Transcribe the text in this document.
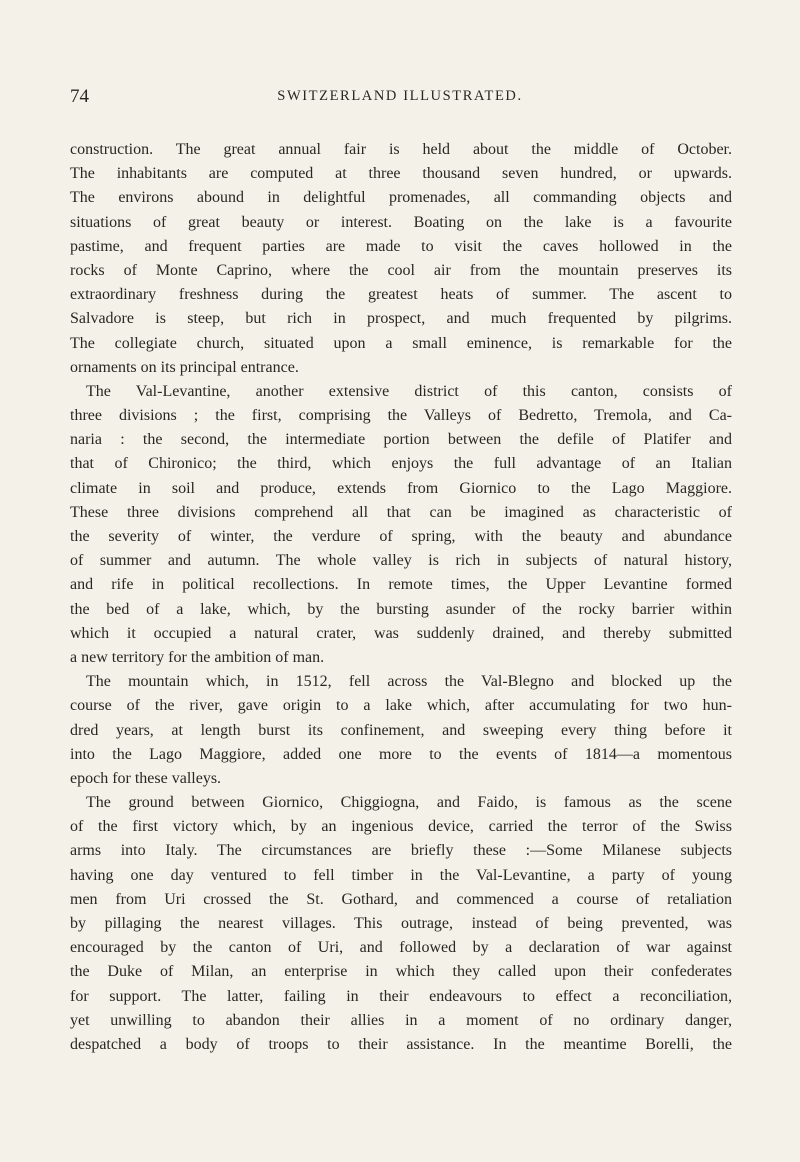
74	SWITZERLAND ILLUSTRATED.
construction. The great annual fair is held about the middle of October.
The inhabitants are computed at three thousand seven hundred, or upwards.
The environs abound in delightful promenades, all commanding objects and
situations of great beauty or interest. Boating on the lake is a favourite
pastime, and frequent parties are made to visit the caves hollowed in the
rocks of Monte Caprino, where the cool air from the mountain preserves its
extraordinary freshness during the greatest heats of summer. The ascent to
Salvadore is steep, but rich in prospect, and much frequented by pilgrims.
The collegiate church, situated upon a small eminence, is remarkable for the
ornaments on its principal entrance.
The Val-Levantine, another extensive district of this canton, consists of
three divisions ; the first, comprising the Valleys of Bedretto, Tremola, and Ca-
naria : the second, the intermediate portion between the defile of Platifer and
that of Chironico; the third, which enjoys the full advantage of an Italian
climate in soil and produce, extends from Giornico to the Lago Maggiore.
These three divisions comprehend all that can be imagined as characteristic of
the severity of winter, the verdure of spring, with the beauty and abundance
of summer and autumn. The whole valley is rich in subjects of natural history,
and rife in political recollections. In remote times, the Upper Levantine formed
the bed of a lake, which, by the bursting asunder of the rocky barrier within
which it occupied a natural crater, was suddenly drained, and thereby submitted
a new territory for the ambition of man.
The mountain which, in 1512, fell across the Val-Blegno and blocked up the
course of the river, gave origin to a lake which, after accumulating for two hun-
dred years, at length burst its confinement, and sweeping every thing before it
into the Lago Maggiore, added one more to the events of 1814—a momentous
epoch for these valleys.
The ground between Giornico, Chiggiogna, and Faido, is famous as the scene
of the first victory which, by an ingenious device, carried the terror of the Swiss
arms into Italy. The circumstances are briefly these :—Some Milanese subjects
having one day ventured to fell timber in the Val-Levantine, a party of young
men from Uri crossed the St. Gothard, and commenced a course of retaliation
by pillaging the nearest villages. This outrage, instead of being prevented, was
encouraged by the canton of Uri, and followed by a declaration of war against
the Duke of Milan, an enterprise in which they called upon their confederates
for support. The latter, failing in their endeavours to effect a reconciliation,
yet unwilling to abandon their allies in a moment of no ordinary danger,
despatched a body of troops to their assistance. In the meantime Borelli, the
